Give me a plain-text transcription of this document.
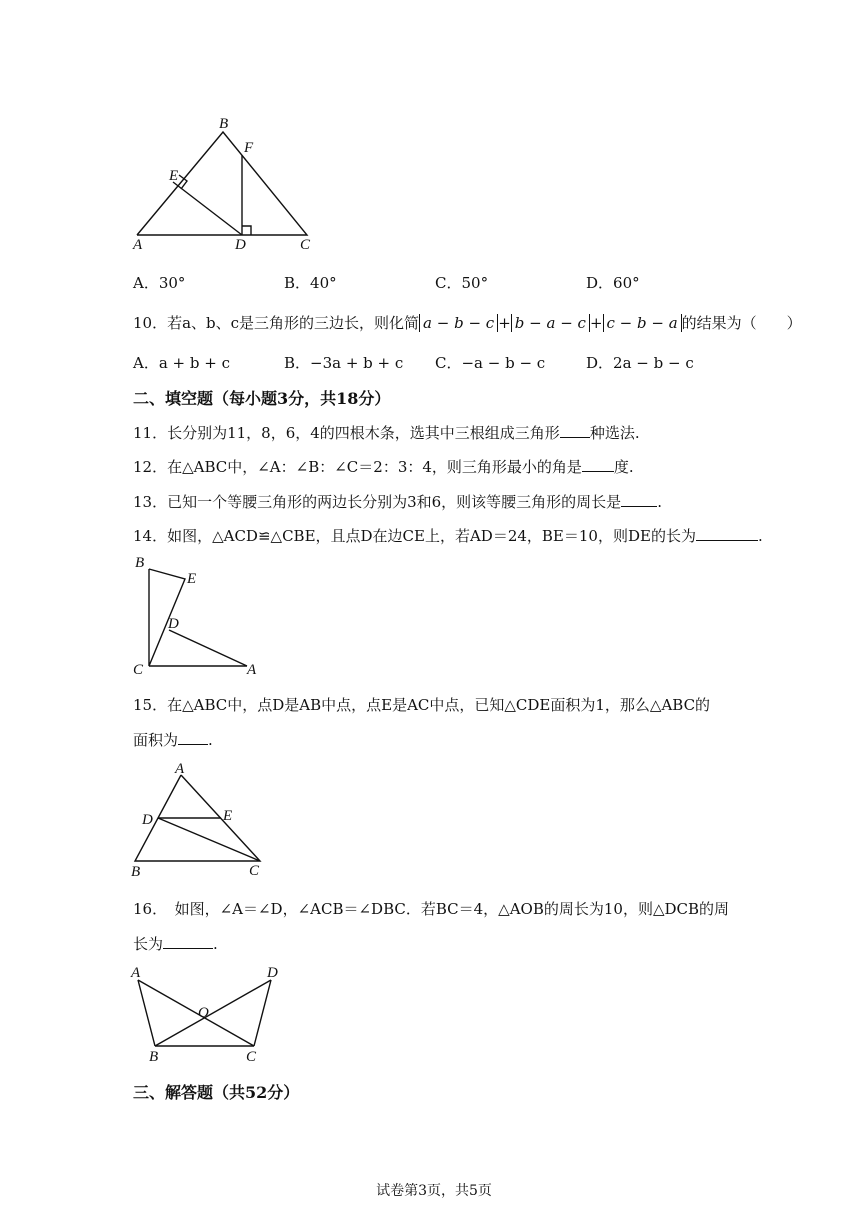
B
F
E
A	D	C
A．30°	B．40°	C．50°	D．60°
10．若a、b、c是三角形的三边长，则化简 a − b − c + b − a − c + c − b − a 的结果为（　　）
A．a + b + c	B．−3a + b + c C．−a − b − c	D．2a − b − c
二、填空题（每小题3分，共18分）
11．长分别为11，8，6，4的四根木条，选其中三根组成三角形 种选法.
12．在△ABC中，∠A：∠B：∠C＝2：3：4，则三角形最小的角是 度.
13．已知一个等腰三角形的两边长分别为3和6，则该等腰三角形的周长是 .
14．如图，△ACD≌△CBE，且点D在边CE上，若AD＝24，BE＝10，则DE的长为	.
B
E
D
C	A
15．在△ABC中，点D是AB中点，点E是AC中点，已知△CDE面积为1，那么△ABC的
面积为 .
A
D	E
B	C
16．　如图，∠A＝∠D，∠ACB＝∠DBC．若BC＝4，△AOB的周长为10，则△DCB的周
长为	.
A	D
O
B	C
三、解答题（共52分）
试卷第3页，共5页
